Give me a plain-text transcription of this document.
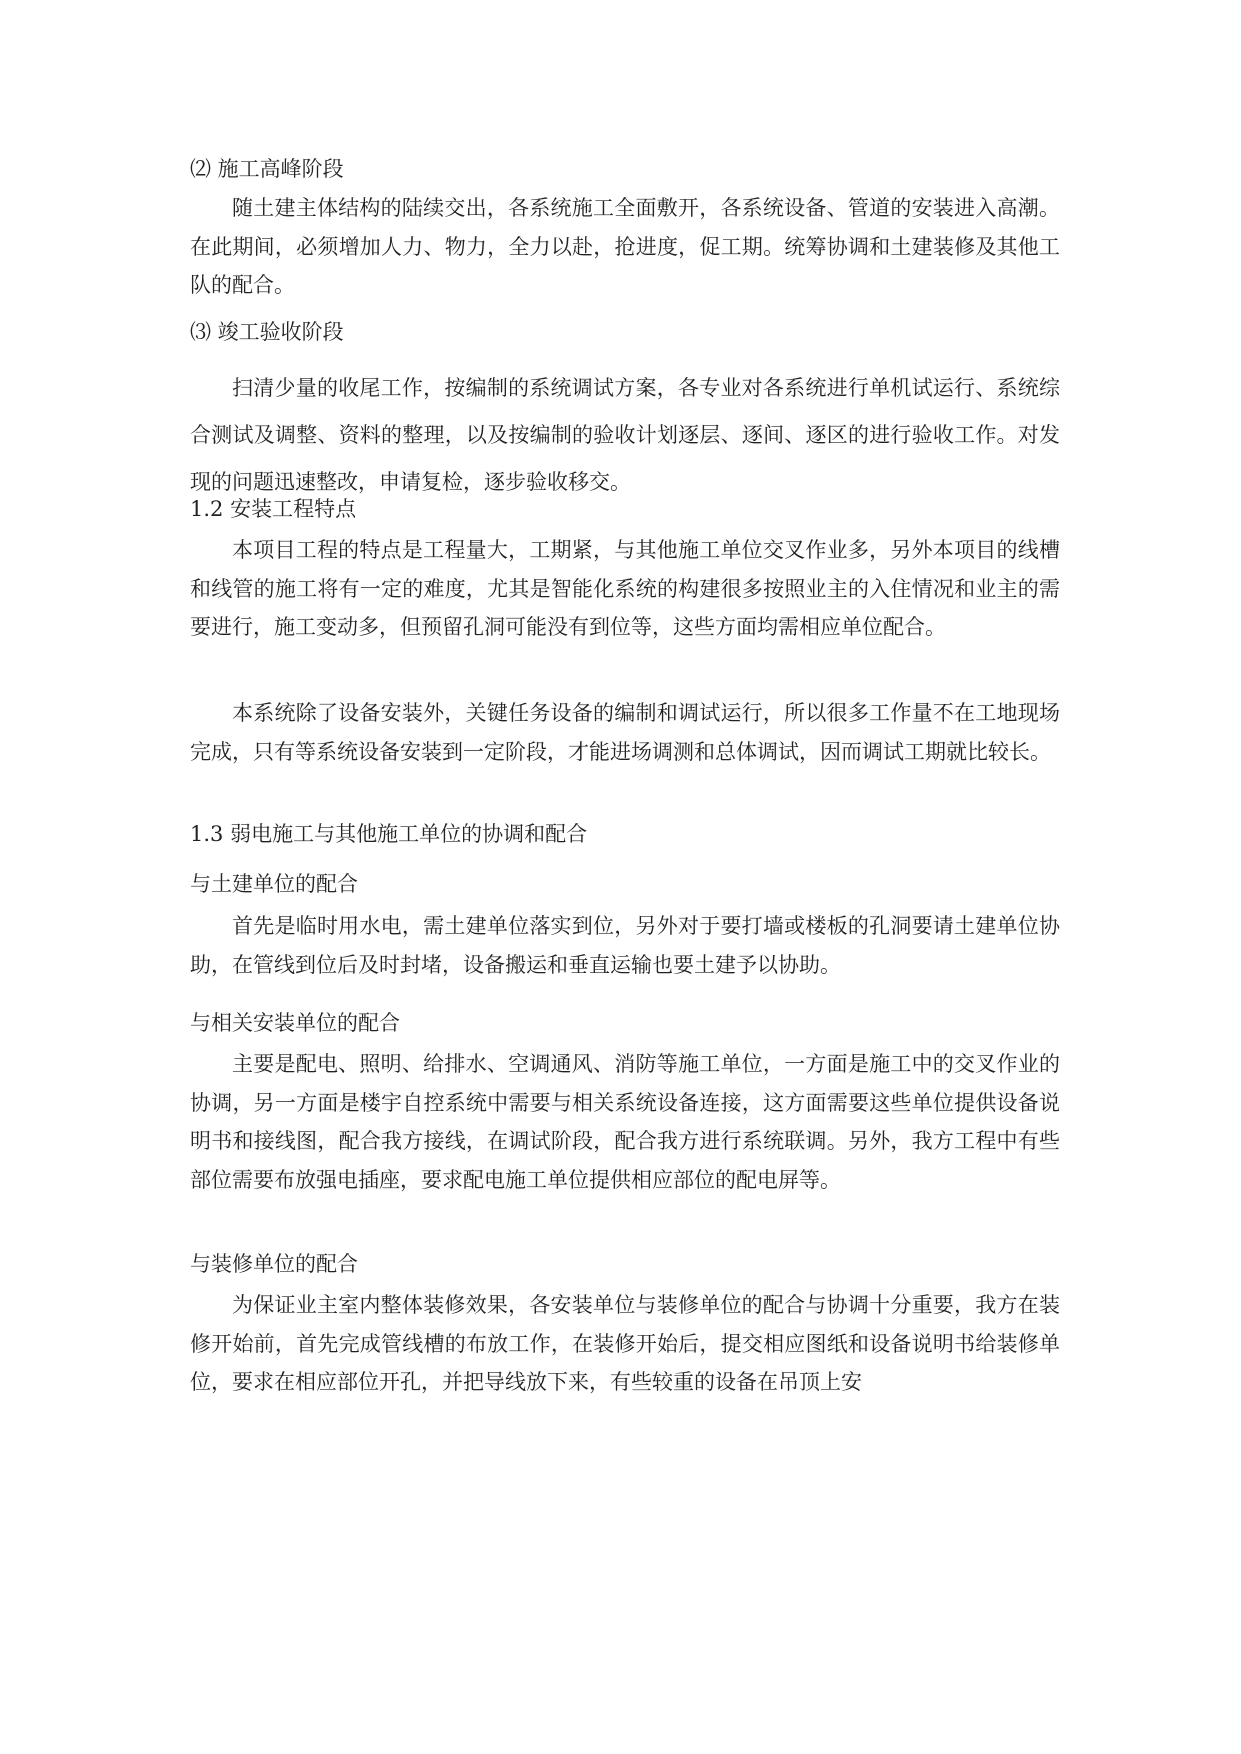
⑵ 施工高峰阶段

随土建主体结构的陆续交出，各系统施工全面敷开，各系统设备、管道的安装进入高潮。在此期间，必须增加人力、物力，全力以赴，抢进度，促工期。统筹协调和土建装修及其他工队的配合。

⑶ 竣工验收阶段

扫清少量的收尾工作，按编制的系统调试方案，各专业对各系统进行单机试运行、系统综合测试及调整、资料的整理，以及按编制的验收计划逐层、逐间、逐区的进行验收工作。对发现的问题迅速整改，申请复检，逐步验收移交。

1.2 安装工程特点

本项目工程的特点是工程量大，工期紧，与其他施工单位交叉作业多，另外本项目的线槽和线管的施工将有一定的难度，尤其是智能化系统的构建很多按照业主的入住情况和业主的需要进行，施工变动多，但预留孔洞可能没有到位等，这些方面均需相应单位配合。

本系统除了设备安装外，关键任务设备的编制和调试运行，所以很多工作量不在工地现场完成，只有等系统设备安装到一定阶段，才能进场调测和总体调试，因而调试工期就比较长。

1.3 弱电施工与其他施工单位的协调和配合
与土建单位的配合

首先是临时用水电，需土建单位落实到位，另外对于要打墙或楼板的孔洞要请土建单位协助，在管线到位后及时封堵，设备搬运和垂直运输也要土建予以协助。

与相关安装单位的配合

主要是配电、照明、给排水、空调通风、消防等施工单位，一方面是施工中的交叉作业的协调，另一方面是楼宇自控系统中需要与相关系统设备连接，这方面需要这些单位提供设备说明书和接线图，配合我方接线，在调试阶段，配合我方进行系统联调。另外，我方工程中有些部位需要布放强电插座，要求配电施工单位提供相应部位的配电屏等。

与装修单位的配合

为保证业主室内整体装修效果，各安装单位与装修单位的配合与协调十分重要，我方在装修开始前，首先完成管线槽的布放工作，在装修开始后，提交相应图纸和设备说明书给装修单位，要求在相应部位开孔，并把导线放下来，有些较重的设备在吊顶上安
